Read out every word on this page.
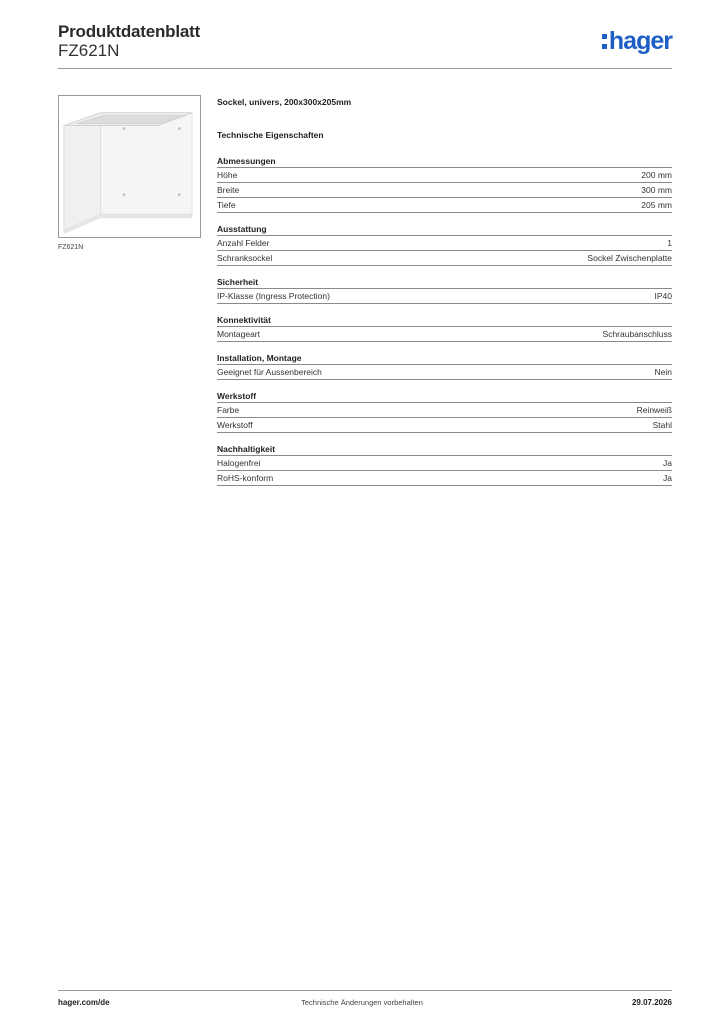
Produktdatenblatt
FZ621N	hager
FZ621N
Sockel, univers, 200x300x205mm
Technische Eigenschaften
Abmessungen
Höhe	200 mm
Breite	300 mm
Tiefe	205 mm
Ausstattung
Anzahl Felder	1
Schranksockel	Sockel Zwischenplatte
Sicherheit
IP-Klasse (Ingress Protection)	IP40
Konnektivität
Montageart	Schraubanschluss
Installation, Montage
Geeignet für Aussenbereich	Nein
Werkstoff
Farbe	Reinweiß
Werkstoff	Stahl
Nachhaltigkeit
Halogenfrei	Ja
RoHS-konform	Ja
hager.com/de	Technische Änderungen vorbehalten	29.07.2026
